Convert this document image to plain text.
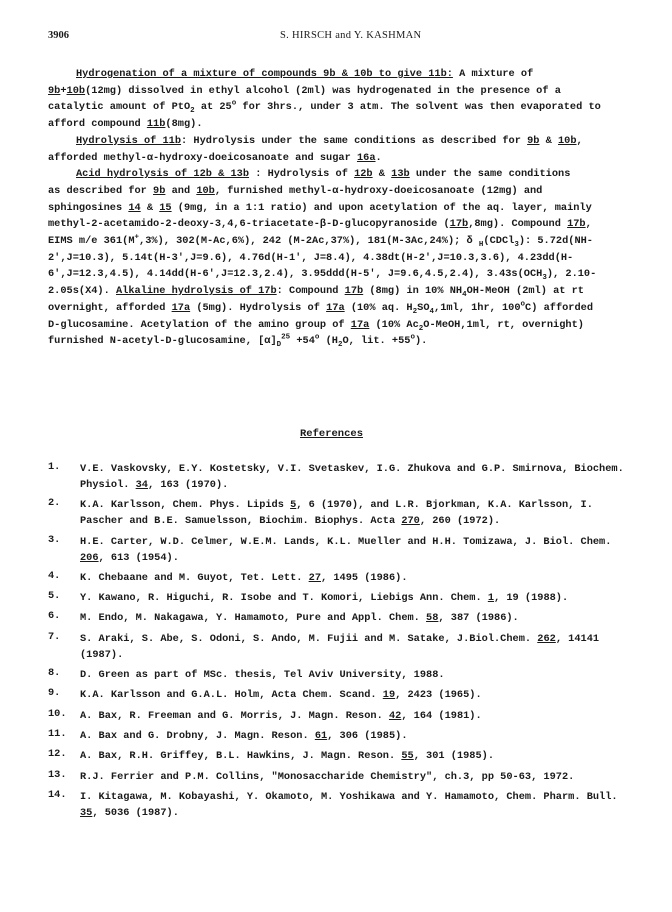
3906	S. HIRSCH and Y. KASHMAN
Hydrogenation of a mixture of compounds 9b & 10b to give 11b: A mixture of
9b+10b(12mg) dissolved in ethyl alcohol (2ml) was hydrogenated in the presence of a
catalytic amount of PtO$_2$ at 25$^o$ for 3hrs., under 3 atm. The solvent was then evaporated to
afford compound 11b(8mg).
Hydrolysis of 11b: Hydrolysis under the same conditions as described for 9b & 10b,
afforded methyl-α-hydroxy-doeicosanoate and sugar 16a.
Acid hydrolysis of 12b & 13b : Hydrolysis of 12b & 13b under the same conditions
as described for 9b and 10b, furnished methyl-α-hydroxy-doeicosanoate (12mg) and
sphingosines 14 & 15 (9mg, in a 1:1 ratio) and upon acetylation of the aq. layer, mainly
methyl-2-acetamido-2-deoxy-3,4,6-triacetate-β-D-glucopyranoside (17b,8mg). Compound 17b,
EIMS m/e 361(M+,3%), 302(M-Ac,6%), 242 (M-2Ac,37%), 181(M-3Ac,24%); δ $_H$(CDCl$_3$): 5.72d(NH-
2',J=10.3), 5.14t(H-3',J=9.6), 4.76d(H-1', J=8.4), 4.38dt(H-2',J=10.3,3.6), 4.23dd(H-
6',J=12.3,4.5), 4.14dd(H-6',J=12.3,2.4), 3.95ddd(H-5', J=9.6,4.5,2.4), $3.43s(OCH_3)$, 2.10-
2.05s(X4). Alkaline hydrolysis of 17b: Compound 17b (8mg) in 10% $NH_4OH$-MeOH (2ml) at rt
overnight, afforded 17a (5mg). Hydrolysis of 17a (10% aq. $H_2SO_4,1ml$, 1hr, 100$^o$C) afforded
D-glucosamine. Acetylation of the amino group of 17a (10% $Ac_2O-MeOH,1ml$, rt, overnight)
furnished N-acetyl-D-glucosamine, $[\alpha]_D^{25} +54^o$ ($H_2O$, lit. $+55^o$).
References
1.	V.E. Vaskovsky, E.Y. Kostetsky, V.I. Svetaskev, I.G. Zhukova and G.P. Smirnova, Biochem. Physiol. 34, 163 (1970).
2.	K.A. Karlsson, Chem. Phys. Lipids 5, 6 (1970), and L.R. Bjorkman, K.A. Karlsson, I. Pascher and B.E. Samuelsson, Biochim. Biophys. Acta 270, 260 (1972).
3.	H.E. Carter, W.D. Celmer, W.E.M. Lands, K.L. Mueller and H.H. Tomizawa, J. Biol. Chem. 206, 613 (1954).
4.	K. Chebaane and M. Guyot, Tet. Lett. 27, 1495 (1986).
5.	Y. Kawano, R. Higuchi, R. Isobe and T. Komori, Liebigs Ann. Chem. 1, 19 (1988).
6.	M. Endo, M. Nakagawa, Y. Hamamoto, Pure and Appl. Chem. 58, 387 (1986).
7.	S. Araki, S. Abe, S. Odoni, S. Ando, M. Fujii and M. Satake, J.Biol.Chem. 262, 14141 (1987).
8.	D. Green as part of MSc. thesis, Tel Aviv University, 1988.
9.	K.A. Karlsson and G.A.L. Holm, Acta Chem. Scand. 19, 2423 (1965).
10.	A. Bax, R. Freeman and G. Morris, J. Magn. Reson. 42, 164 (1981).
11.	A. Bax and G. Drobny, J. Magn. Reson. 61, 306 (1985).
12.	A. Bax, R.H. Griffey, B.L. Hawkins, J. Magn. Reson. 55, 301 (1985).
13.	R.J. Ferrier and P.M. Collins, "Monosaccharide Chemistry", ch.3, pp 50-63, 1972.
14.	I. Kitagawa, M. Kobayashi, Y. Okamoto, M. Yoshikawa and Y. Hamamoto, Chem. Pharm. Bull. 35, 5036 (1987).
